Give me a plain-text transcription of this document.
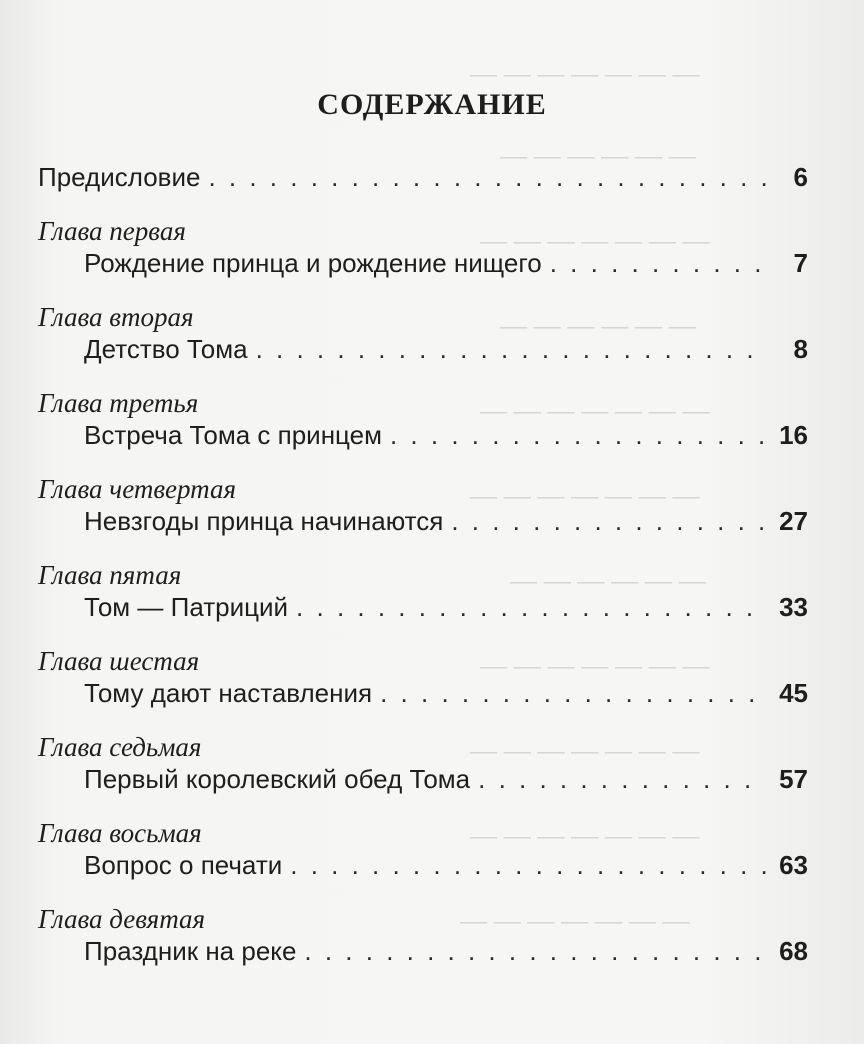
— — — — — — —
— — — — — —
— — — — — — —
— — — — — —
— — — — — — —
— — — — — — —
— — — — — —
— — — — — — —
— — — — — — —
— — — — — — —
— — — — — — —
СОДЕРЖАНИЕ
Предисловие . . .	6
Глава первая
Рождение принца и рождение нищего . . .	7
Глава вторая
Детство Тома . . .	8
Глава третья
Встреча Тома с принцем . . .	16
Глава четвертая
Невзгоды принца начинаются . . .	27
Глава пятая
Том — Патриций . . .	33
Глава шестая
Тому дают наставления . . .	45
Глава седьмая
Первый королевский обед Тома . . .	57
Глава восьмая
Вопрос о печати . . .	63
Глава девятая
Праздник на реке . . .	68
